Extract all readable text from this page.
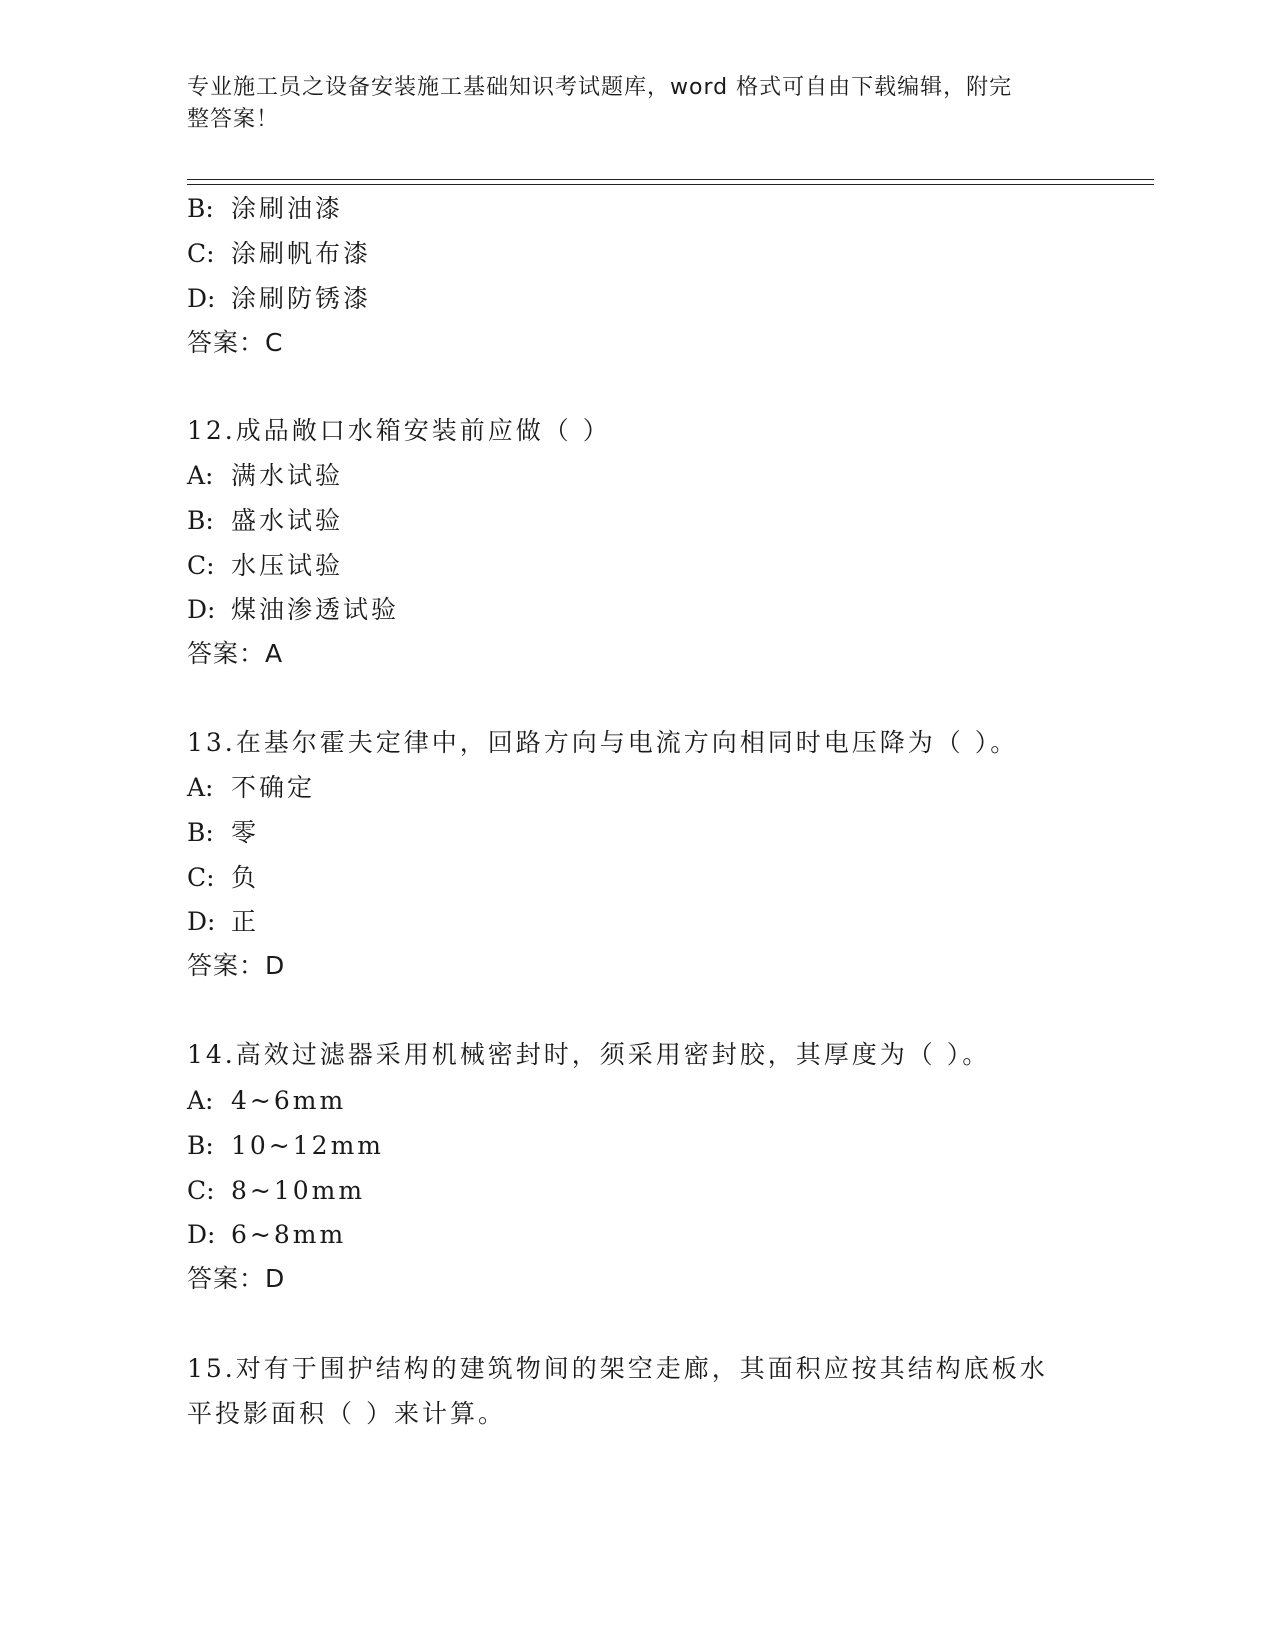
专业施工员之设备安装施工基础知识考试题库，word 格式可自由下载编辑，附完
整答案！
B: 涂刷油漆
C: 涂刷帆布漆
D: 涂刷防锈漆
答案：C
12.成品敞口水箱安装前应做（ ）
A: 满水试验
B: 盛水试验
C: 水压试验
D: 煤油渗透试验
答案：A
13.在基尔霍夫定律中，回路方向与电流方向相同时电压降为（ ）。
A: 不确定
B: 零
C: 负
D: 正
答案：D
14.高效过滤器采用机械密封时，须采用密封胶，其厚度为（ ）。
A: 4~6mm
B: 10~12mm
C: 8~10mm
D: 6~8mm
答案：D
15.对有于围护结构的建筑物间的架空走廊，其面积应按其结构底板水
平投影面积（ ）来计算。
